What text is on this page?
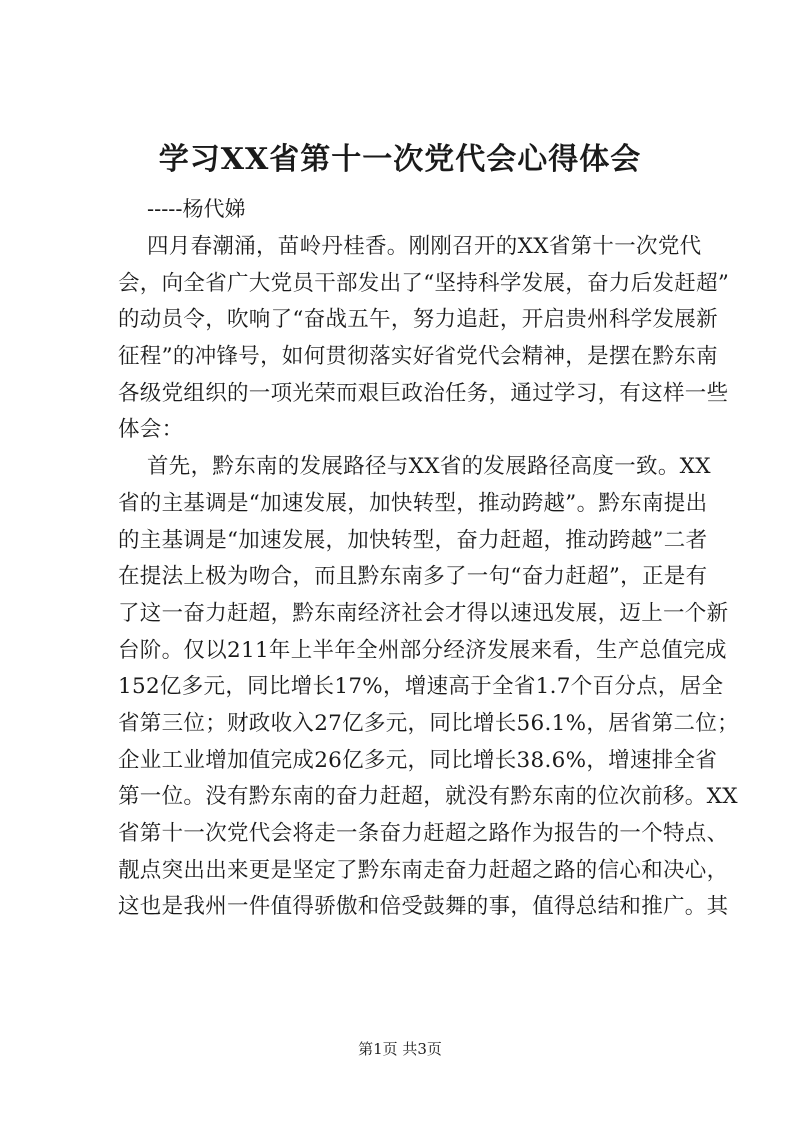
学习XX省第十一次党代会心得体会
-----杨代娣
四月春潮涌，苗岭丹桂香。刚刚召开的XX省第十一次党代
会，向全省广大党员干部发出了“坚持科学发展，奋力后发赶超”
的动员令，吹响了“奋战五午，努力追赶，开启贵州科学发展新
征程”的冲锋号，如何贯彻落实好省党代会精神，是摆在黔东南
各级党组织的一项光荣而艰巨政治任务，通过学习，有这样一些
体会：
首先，黔东南的发展路径与XX省的发展路径高度一致。XX
省的主基调是“加速发展，加快转型，推动跨越”。黔东南提出
的主基调是“加速发展，加快转型，奋力赶超，推动跨越”二者
在提法上极为吻合，而且黔东南多了一句“奋力赶超”，正是有
了这一奋力赶超，黔东南经济社会才得以速迅发展，迈上一个新
台阶。仅以211年上半年全州部分经济发展来看，生产总值完成
152亿多元，同比增长17%，增速高于全省1.7个百分点，居全
省第三位；财政收入27亿多元，同比增长56.1%，居省第二位；
企业工业增加值完成26亿多元，同比增长38.6%，增速排全省
第一位。没有黔东南的奋力赶超，就没有黔东南的位次前移。XX
省第十一次党代会将走一条奋力赶超之路作为报告的一个特点、
靓点突出出来更是坚定了黔东南走奋力赶超之路的信心和决心，
这也是我州一件值得骄傲和倍受鼓舞的事，值得总结和推广。其
第1页 共3页
